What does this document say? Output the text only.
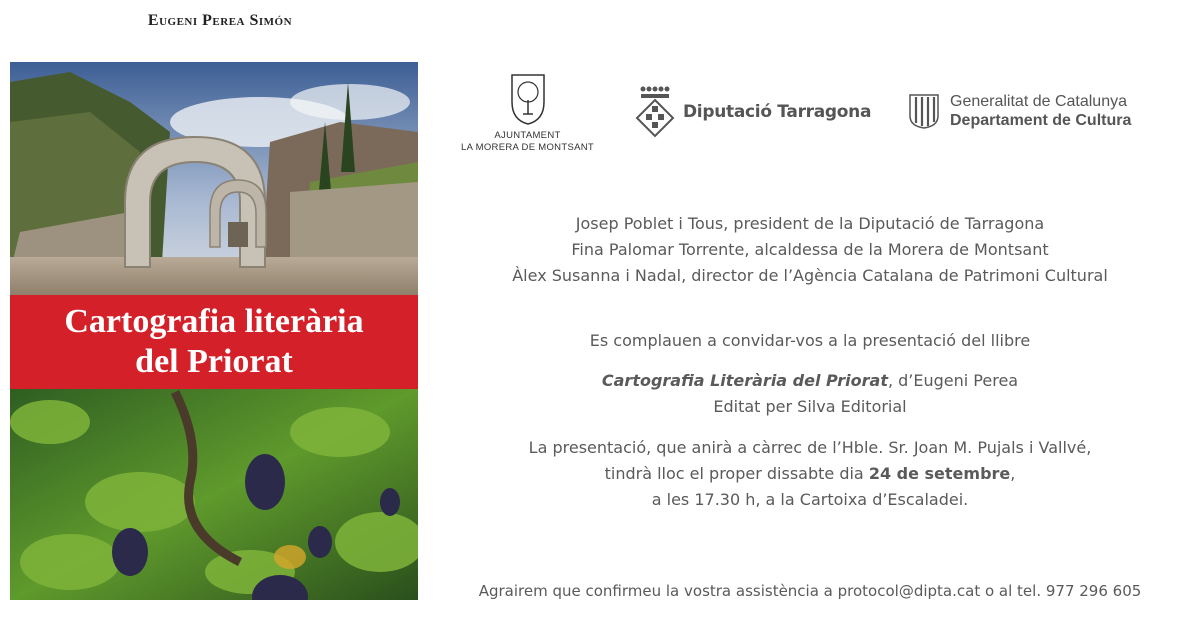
Eugeni Perea Simón
Cartografia literària
del Priorat
AJUNTAMENT
LA MORERA DE MONTSANT
Diputació Tarragona
Generalitat de Catalunya
Departament de Cultura
Josep Poblet i Tous, president de la Diputació de Tarragona
Fina Palomar Torrente, alcaldessa de la Morera de Montsant
Àlex Susanna i Nadal, director de l’Agència Catalana de Patrimoni Cultural
Es complauen a convidar-vos a la presentació del llibre
Cartografia Literària del Priorat, d’Eugeni Perea
Editat per Silva Editorial
La presentació, que anirà a càrrec de l’Hble. Sr. Joan M. Pujals i Vallvé,
tindrà lloc el proper dissabte dia 24 de setembre,
a les 17.30 h, a la Cartoixa d’Escaladei.
Agrairem que confirmeu la vostra assistència a protocol@dipta.cat o al tel. 977 296 605
